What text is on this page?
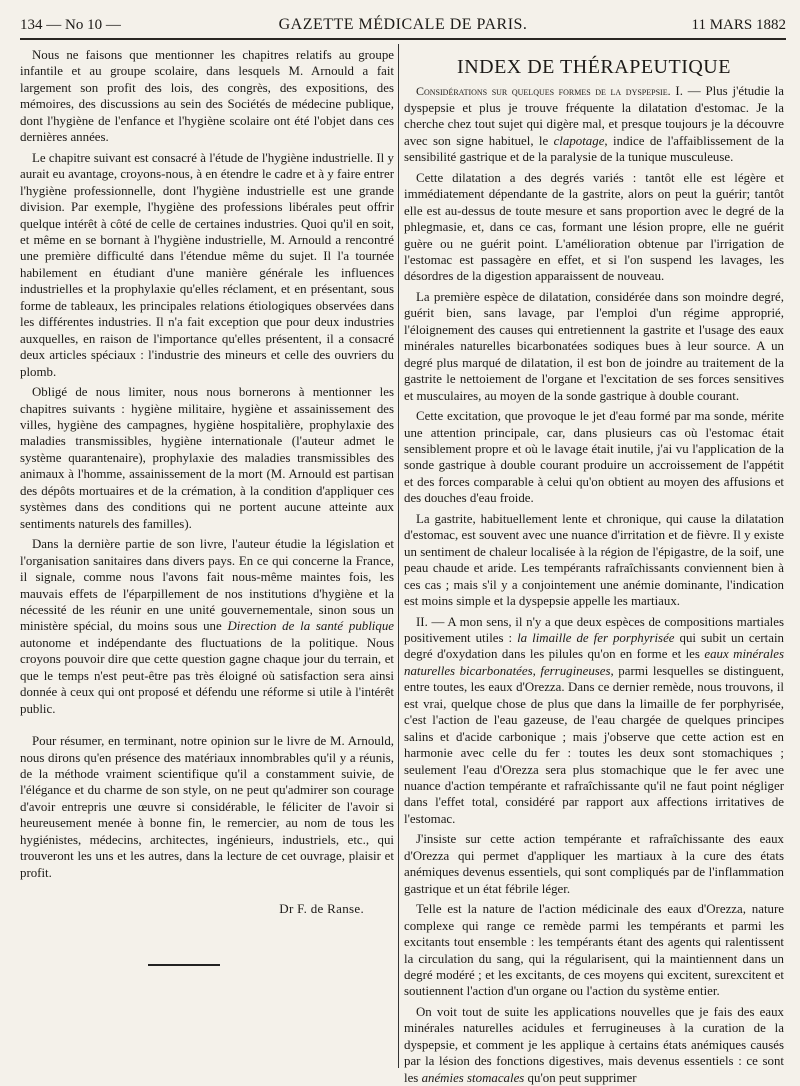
134 — No 10 —	GAZETTE MÉDICALE DE PARIS.	11 MARS 1882

Nous ne faisons que mentionner les chapitres relatifs au groupe infantile et au groupe scolaire, dans lesquels M. Arnould a fait largement son profit des lois, des congrès, des expositions, des mémoires, des discussions au sein des Sociétés de médecine publique, dont l'hygiène de l'enfance et l'hygiène scolaire ont été l'objet dans ces dernières années.

Le chapitre suivant est consacré à l'étude de l'hygiène industrielle. Il y aurait eu avantage, croyons-nous, à en étendre le cadre et à y faire entrer l'hygiène professionnelle, dont l'hygiène industrielle est une grande division. Par exemple, l'hygiène des professions libérales peut offrir quelque intérêt à côté de celle de certaines industries. Quoi qu'il en soit, et même en se bornant à l'hygiène industrielle, M. Arnould a rencontré une première difficulté dans l'étendue même du sujet. Il l'a tournée habilement en étudiant d'une manière générale les influences industrielles et la prophylaxie qu'elles réclament, et en présentant, sous forme de tableaux, les principales relations étiologiques observées dans les différentes industries. Il n'a fait exception que pour deux industries auxquelles, en raison de l'importance qu'elles présentent, il a consacré deux articles spéciaux : l'industrie des mineurs et celle des ouvriers du plomb.

Obligé de nous limiter, nous nous bornerons à mentionner les chapitres suivants : hygiène militaire, hygiène et assainissement des villes, hygiène des campagnes, hygiène hospitalière, prophylaxie des maladies transmissibles, hygiène internationale (l'auteur admet le système quarantenaire), prophylaxie des maladies transmissibles des animaux à l'homme, assainissement de la mort (M. Arnould est partisan des dépôts mortuaires et de la crémation, à la condition d'appliquer ces systèmes dans des conditions qui ne portent aucune atteinte aux sentiments naturels des familles).

Dans la dernière partie de son livre, l'auteur étudie la législation et l'organisation sanitaires dans divers pays. En ce qui concerne la France, il signale, comme nous l'avons fait nous-même maintes fois, les mauvais effets de l'éparpillement de nos institutions d'hygiène et la nécessité de les réunir en une unité gouvernementale, sinon sous un ministère spécial, du moins sous une Direction de la santé publique autonome et indépendante des fluctuations de la politique. Nous croyons pouvoir dire que cette question gagne chaque jour du terrain, et que le temps n'est peut-être pas très éloigné où satisfaction sera ainsi donnée à ceux qui ont proposé et défendu une réforme si utile à l'intérêt public.

Pour résumer, en terminant, notre opinion sur le livre de M. Arnould, nous dirons qu'en présence des matériaux innombrables qu'il y a réunis, de la méthode vraiment scientifique qu'il a constamment suivie, de l'élégance et du charme de son style, on ne peut qu'admirer son courage d'avoir entrepris une œuvre si considérable, le féliciter de l'avoir si heureusement menée à bonne fin, le remercier, au nom de tous les hygiénistes, médecins, architectes, ingénieurs, industriels, etc., qui trouveront les uns et les autres, dans la lecture de cet ouvrage, plaisir et profit.

Dr F. de Ranse.
INDEX DE THÉRAPEUTIQUE

Considérations sur quelques formes de la dyspepsie. I. — Plus j'étudie la dyspepsie et plus je trouve fréquente la dilatation d'estomac. Je la cherche chez tout sujet qui digère mal, et presque toujours je la découvre avec son signe habituel, le clapotage, indice de l'affaiblissement de la sensibilité gastrique et de la paralysie de la tunique musculeuse.

Cette dilatation a des degrés variés : tantôt elle est légère et immédiatement dépendante de la gastrite, alors on peut la guérir; tantôt elle est au-dessus de toute mesure et sans proportion avec le degré de la phlegmasie, et, dans ce cas, formant une lésion propre, elle ne guérit guère ou ne guérit point. L'amélioration obtenue par l'irrigation de l'estomac est passagère en effet, et si l'on suspend les lavages, les désordres de la digestion apparaissent de nouveau.

La première espèce de dilatation, considérée dans son moindre degré, guérit bien, sans lavage, par l'emploi d'un régime approprié, l'éloignement des causes qui entretiennent la gastrite et l'usage des eaux minérales naturelles bicarbonatées sodiques bues à leur source. A un degré plus marqué de dilatation, il est bon de joindre au traitement de la gastrite le nettoiement de l'organe et l'excitation de ses forces sensitives et musculaires, au moyen de la sonde gastrique à double courant.

Cette excitation, que provoque le jet d'eau formé par ma sonde, mérite une attention principale, car, dans plusieurs cas où l'estomac était sensiblement propre et où le lavage était inutile, j'ai vu l'application de la sonde gastrique à double courant produire un accroissement de l'appétit et des forces comparable à celui qu'on obtient au moyen des affusions et des douches d'eau froide.

La gastrite, habituellement lente et chronique, qui cause la dilatation d'estomac, est souvent avec une nuance d'irritation et de fièvre. Il y existe un sentiment de chaleur localisée à la région de l'épigastre, de la soif, une peau chaude et aride. Les tempérants rafraîchissants conviennent bien à ces cas ; mais s'il y a conjointement une anémie dominante, l'indication est moins simple et la dyspepsie appelle les martiaux.

II. — A mon sens, il n'y a que deux espèces de compositions martiales positivement utiles : la limaille de fer porphyrisée qui subit un certain degré d'oxydation dans les pilules qu'on en forme et les eaux minérales naturelles bicarbonatées, ferrugineuses, parmi lesquelles se distinguent, entre toutes, les eaux d'Orezza. Dans ce dernier remède, nous trouvons, il est vrai, quelque chose de plus que dans la limaille de fer porphyrisée, c'est l'action de l'eau gazeuse, de l'eau chargée de quelques principes salins et d'acide carbonique ; mais j'observe que cette action est en harmonie avec celle du fer : toutes les deux sont stomachiques ; seulement l'eau d'Orezza sera plus stomachique que le fer avec une nuance d'action tempérante et rafraîchissante qu'il ne faut point négliger dans l'effet total, considéré par rapport aux affections irritatives de l'estomac.

J'insiste sur cette action tempérante et rafraîchissante des eaux d'Orezza qui permet d'appliquer les martiaux à la cure des états anémiques devenus essentiels, qui sont compliqués par de l'inflammation gastrique et un état fébrile léger.

Telle est la nature de l'action médicinale des eaux d'Orezza, nature complexe qui range ce remède parmi les tempérants et parmi les excitants tout ensemble : les tempérants étant des agents qui ralentissent la circulation du sang, qui la régularisent, qui la maintiennent dans un degré modéré ; et les excitants, de ces moyens qui excitent, surexcitent et soutiennent l'action d'un organe ou l'action du système entier.

On voit tout de suite les applications nouvelles que je fais des eaux minérales naturelles acidules et ferrugineuses à la curation de la dyspepsie, et comment je les applique à certains états anémiques causés par la lésion des fonctions digestives, mais devenus essentiels : ce sont les anémies stomacales qu'on peut supprimer
